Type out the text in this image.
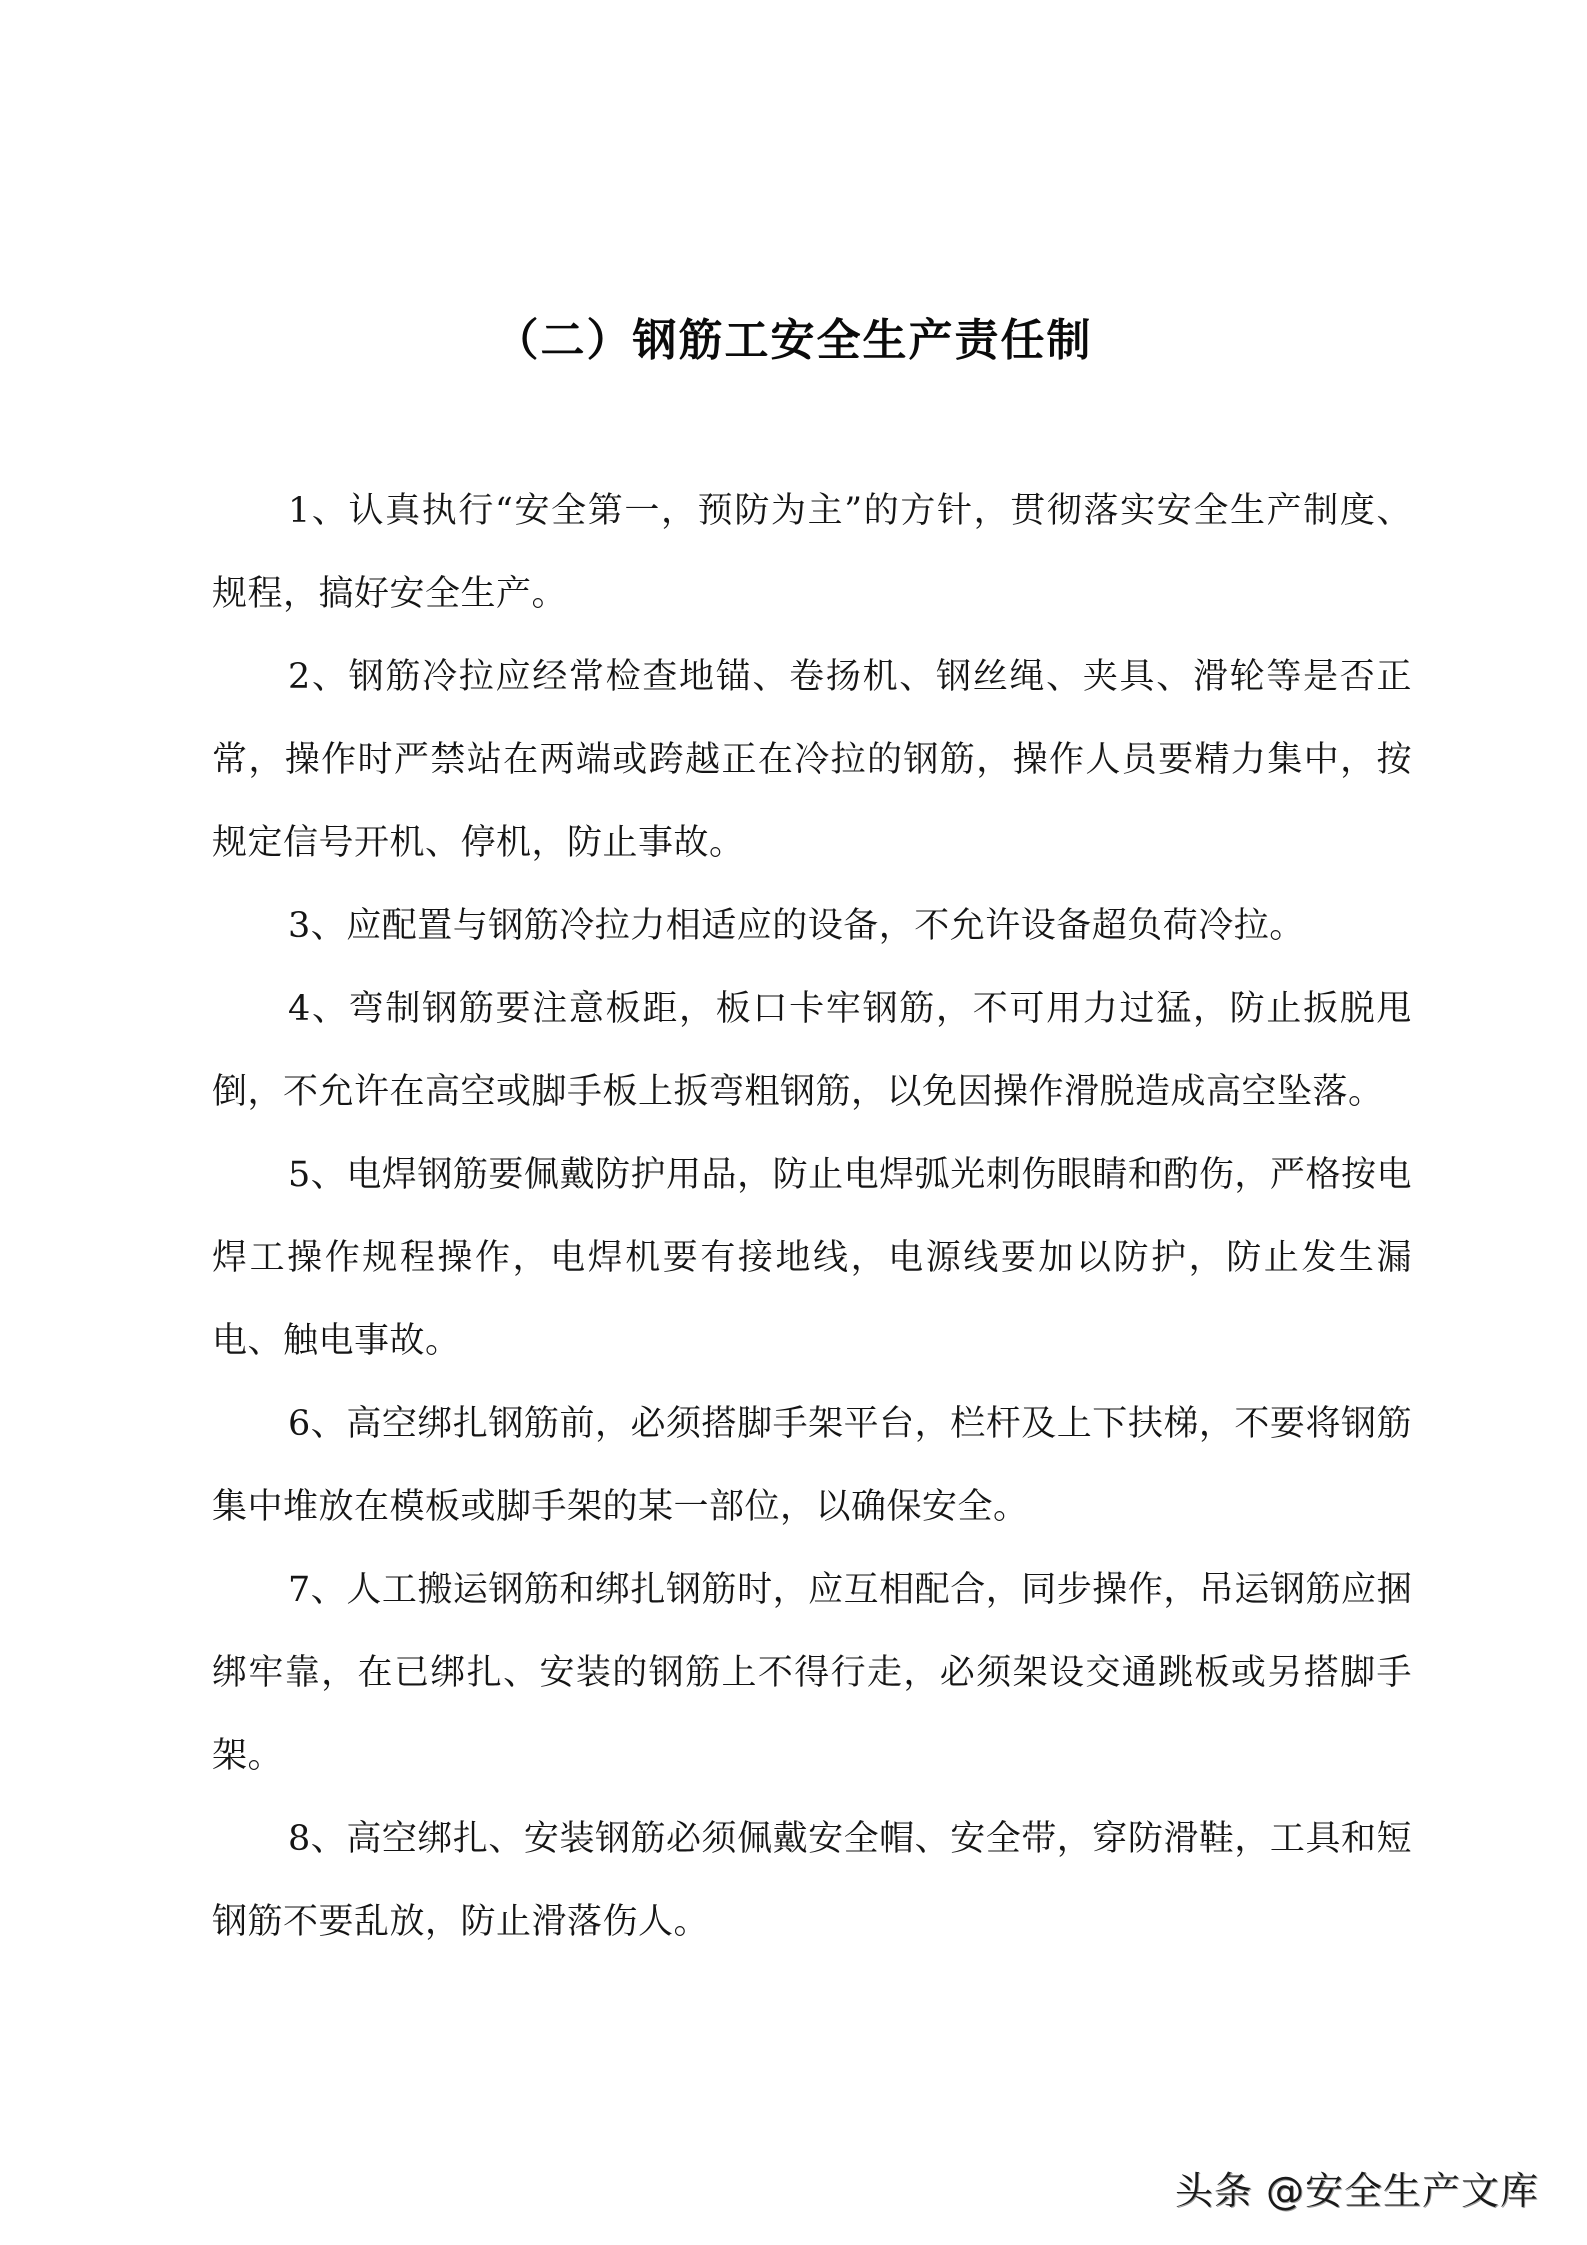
（二）钢筋工安全生产责任制

1、认真执行“安全第一，预防为主”的方针，贯彻落实安全生产制度、规程，搞好安全生产。

2、钢筋冷拉应经常检查地锚、卷扬机、钢丝绳、夹具、滑轮等是否正常，操作时严禁站在两端或跨越正在冷拉的钢筋，操作人员要精力集中，按规定信号开机、停机，防止事故。

3、应配置与钢筋冷拉力相适应的设备，不允许设备超负荷冷拉。

4、弯制钢筋要注意板距，板口卡牢钢筋，不可用力过猛，防止扳脱甩倒，不允许在高空或脚手板上扳弯粗钢筋，以免因操作滑脱造成高空坠落。

5、电焊钢筋要佩戴防护用品，防止电焊弧光刺伤眼睛和酌伤，严格按电焊工操作规程操作，电焊机要有接地线，电源线要加以防护，防止发生漏电、触电事故。

6、高空绑扎钢筋前，必须搭脚手架平台，栏杆及上下扶梯，不要将钢筋集中堆放在模板或脚手架的某一部位，以确保安全。

7、人工搬运钢筋和绑扎钢筋时，应互相配合，同步操作，吊运钢筋应捆绑牢靠，在已绑扎、安装的钢筋上不得行走，必须架设交通跳板或另搭脚手架。

8、高空绑扎、安装钢筋必须佩戴安全帽、安全带，穿防滑鞋，工具和短钢筋不要乱放，防止滑落伤人。

头条 @安全生产文库
